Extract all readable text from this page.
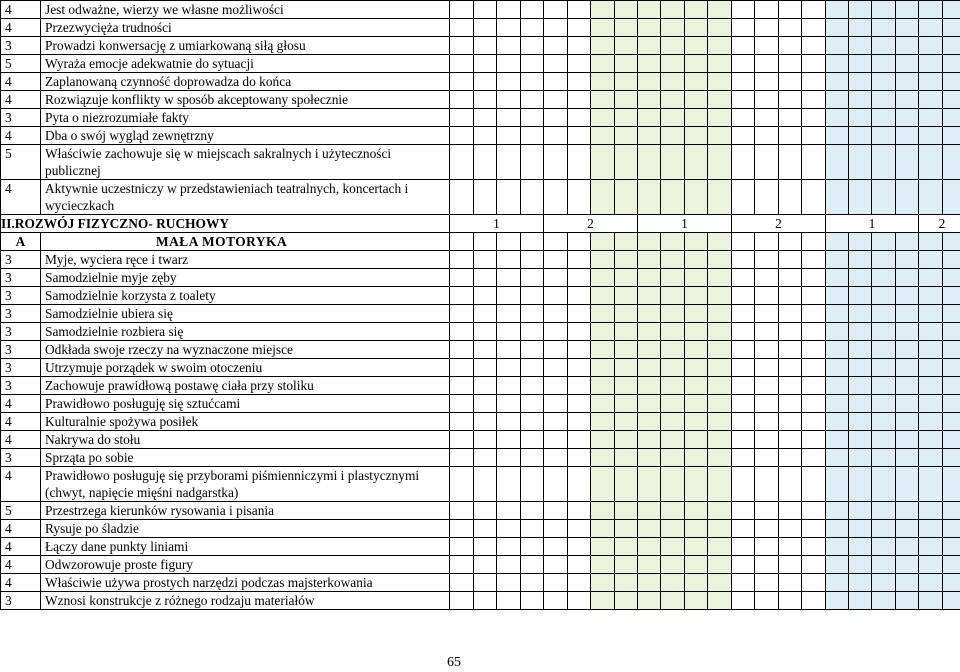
4	Jest odważne, wierzy we własne możliwości																						
4	Przezwycięża trudności																						
3	Prowadzi konwersację z umiarkowaną siłą głosu																						
5	Wyraża emocje adekwatnie do sytuacji																						
4	Zaplanowaną czynność doprowadza do końca																						
4	Rozwiązuje konflikty w sposób akceptowany społecznie																						
3	Pyta o niezrozumiałe fakty																						
4	Dba o swój wygląd zewnętrzny																						
5	Właściwie zachowuje się w miejscach sakralnych i użyteczności publicznej																						
4	Aktywnie uczestniczy w przedstawieniach teatralnych, koncertach i wycieczkach																						
II.ROZWÓJ FIZYCZNO- RUCHOWY		1				2				1				2				1				2	
A	MAŁA MOTORYKA																						
3	Myje, wyciera ręce i twarz																						
3	Samodzielnie myje zęby																						
3	Samodzielnie korzysta z toalety																						
3	Samodzielnie ubiera się																						
3	Samodzielnie rozbiera się																						
3	Odkłada swoje rzeczy na wyznaczone miejsce																						
3	Utrzymuje porządek w swoim otoczeniu																						
3	Zachowuje prawidłową postawę ciała przy stoliku																						
4	Prawidłowo posługuję się sztućcami																						
4	Kulturalnie spożywa posiłek																						
4	Nakrywa do stołu																						
3	Sprząta po sobie																						
4	Prawidłowo posługuję się przyborami piśmienniczymi i plastycznymi (chwyt, napięcie mięśni nadgarstka)																						
5	Przestrzega kierunków rysowania i pisania																						
4	Rysuje po śladzie																						
4	Łączy dane punkty liniami																						
4	Odwzorowuje proste figury																						
4	Właściwie używa prostych narzędzi podczas majsterkowania																						
3	Wznosi konstrukcje z różnego rodzaju materiałów																						
65
